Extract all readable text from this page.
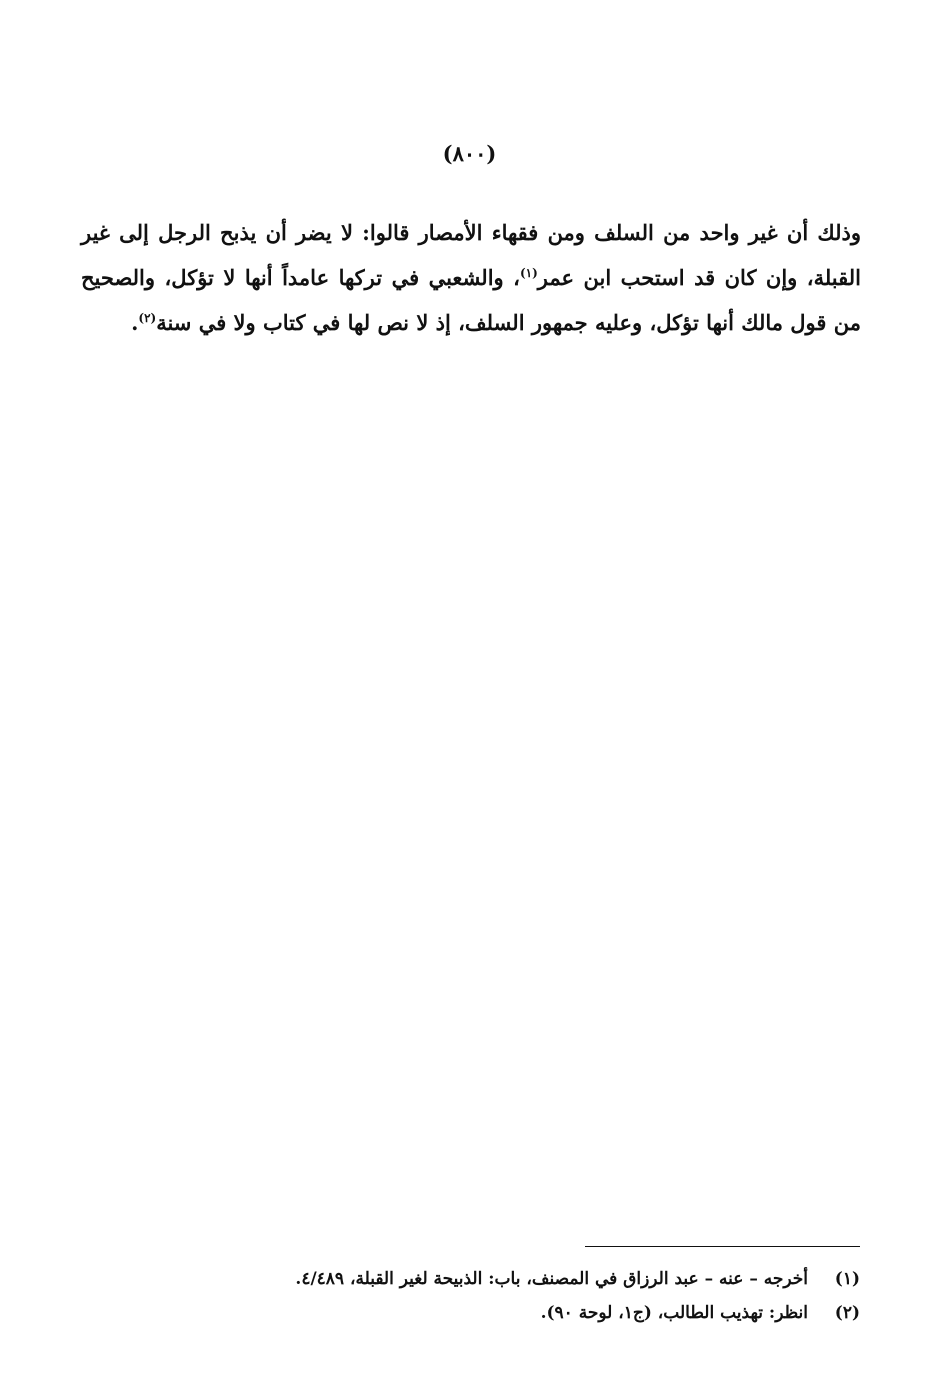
(٨٠٠)

وذلك أن غير واحد من السلف ومن فقهاء الأمصار قالوا: لا يضر أن يذبح الرجل إلى غير القبلة، وإن كان قد استحب ابن عمر$^{(١)}$، والشعبي في تركها عامداً أنها لا تؤكل، والصحيح من قول مالك أنها تؤكل، وعليه جمهور السلف، إذ لا نص لها في كتاب ولا في سنة$^{(٢)}$.

(١)
أخرجه – عنه – عبد الرزاق في المصنف، باب: الذبيحة لغير القبلة، ٤/٤٨٩.
(٢)
انظر: تهذيب الطالب، (ج١، لوحة ٩٠).
